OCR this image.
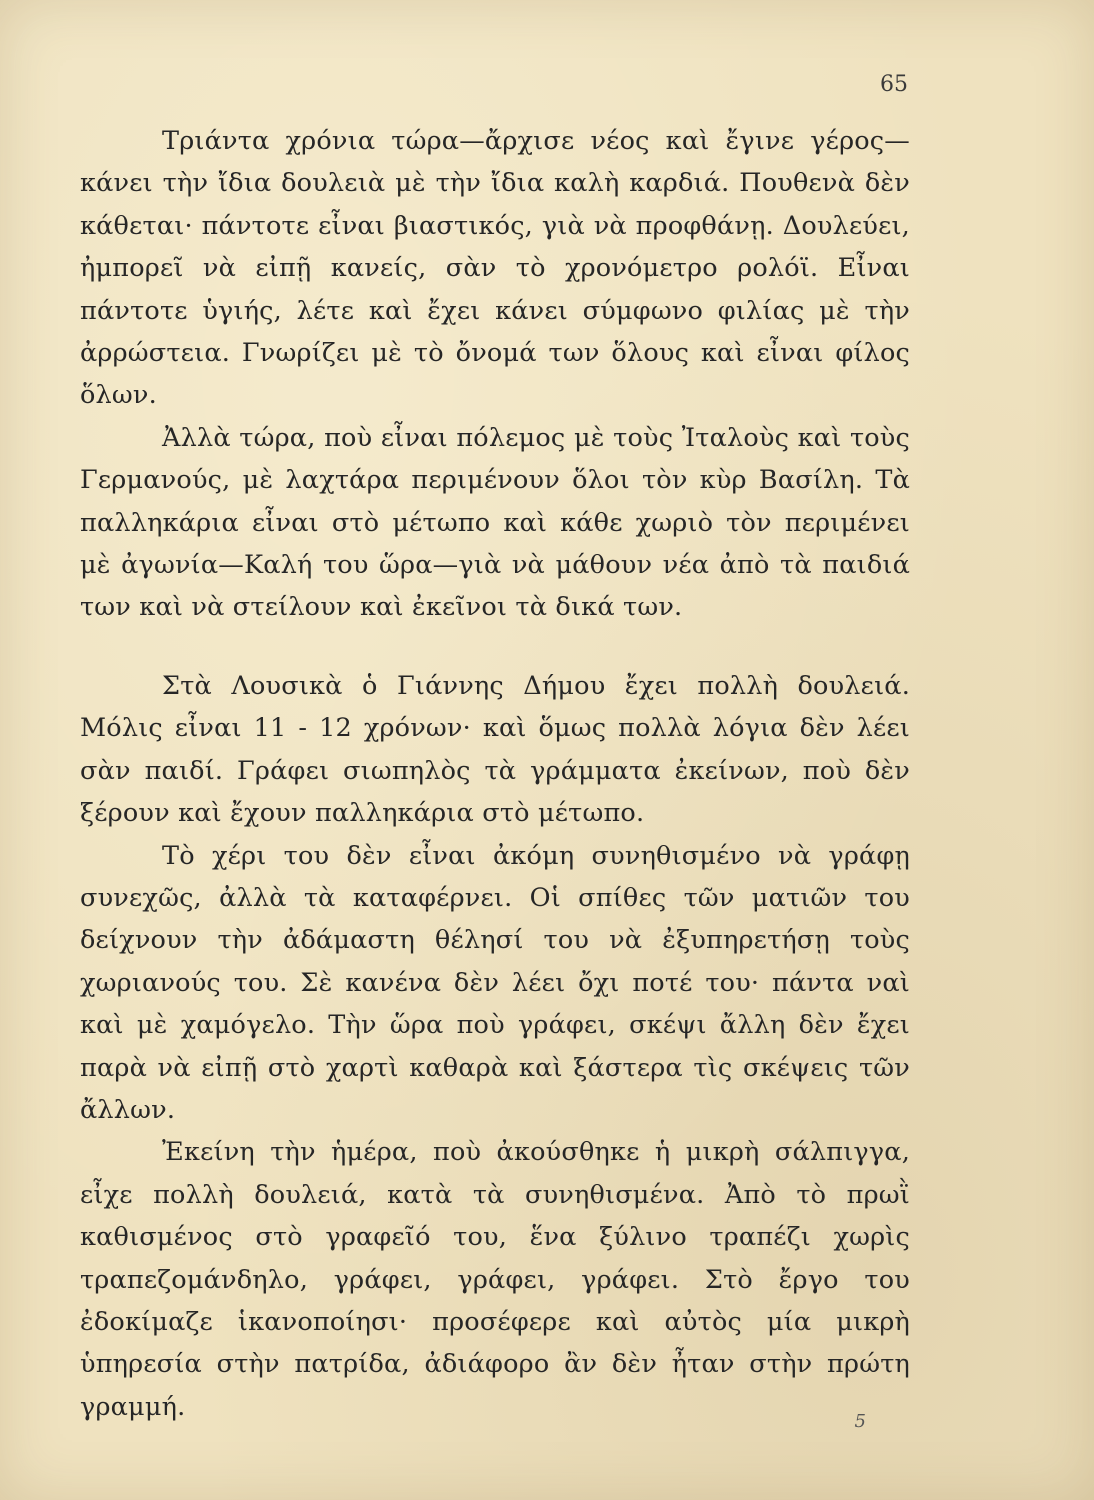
65

Τριάντα χρόνια τώρα—ἄρχισε νέος καὶ ἔγινε γέρος—κάνει τὴν ἴδια δουλειὰ μὲ τὴν ἴδια καλὴ καρδιά. Πουθενὰ δὲν κάθεται· πάντοτε εἶναι βιαστικός, γιὰ νὰ προφθάνῃ. Δουλεύει, ἠμπορεῖ νὰ εἰπῇ κανείς, σὰν τὸ χρονόμετρο ρολόϊ. Εἶναι πάντοτε ὑγιής, λέτε καὶ ἔχει κάνει σύμφωνο φιλίας μὲ τὴν ἀρρώστεια. Γνωρίζει μὲ τὸ ὄνομά των ὅλους καὶ εἶναι φίλος ὅλων.

Ἀλλὰ τώρα, ποὺ εἶναι πόλεμος μὲ τοὺς Ἰταλοὺς καὶ τοὺς Γερμανούς, μὲ λαχτάρα περιμένουν ὅλοι τὸν κὺρ Βασίλη. Τὰ παλληκάρια εἶναι στὸ μέτωπο καὶ κάθε χωριὸ τὸν περιμένει μὲ ἀγωνία—Καλή του ὥρα—γιὰ νὰ μάθουν νέα ἀπὸ τὰ παιδιά των καὶ νὰ στείλουν καὶ ἐκεῖνοι τὰ δικά των.

Στὰ Λουσικὰ ὁ Γιάννης Δήμου ἔχει πολλὴ δουλειά. Μόλις εἶναι 11 - 12 χρόνων· καὶ ὅμως πολλὰ λόγια δὲν λέει σὰν παιδί. Γράφει σιωπηλὸς τὰ γράμματα ἐκείνων, ποὺ δὲν ξέρουν καὶ ἔχουν παλληκάρια στὸ μέτωπο.

Τὸ χέρι του δὲν εἶναι ἀκόμη συνηθισμένο νὰ γράφῃ συνεχῶς, ἀλλὰ τὰ καταφέρνει. Οἱ σπίθες τῶν ματιῶν του δείχνουν τὴν ἀδάμαστη θέλησί του νὰ ἐξυπηρετήσῃ τοὺς χωριανούς του. Σὲ κανένα δὲν λέει ὄχι ποτέ του· πάντα ναὶ καὶ μὲ χαμόγελο. Τὴν ὥρα ποὺ γράφει, σκέψι ἄλλη δὲν ἔχει παρὰ νὰ εἰπῇ στὸ χαρτὶ καθαρὰ καὶ ξάστερα τὶς σκέψεις τῶν ἄλλων.

Ἐκείνη τὴν ἡμέρα, ποὺ ἀκούσθηκε ἡ μικρὴ σάλπιγγα, εἶχε πολλὴ δουλειά, κατὰ τὰ συνηθισμένα. Ἀπὸ τὸ πρωῒ καθισμένος στὸ γραφεῖό του, ἕνα ξύλινο τραπέζι χωρὶς τραπεζομάνδηλο, γράφει, γράφει, γράφει. Στὸ ἔργο του ἐδοκίμαζε ἱκανοποίησι· προσέφερε καὶ αὐτὸς μία μικρὴ ὑπηρεσία στὴν πατρίδα, ἀδιάφορο ἂν δὲν ἦταν στὴν πρώτη γραμμή.	5
